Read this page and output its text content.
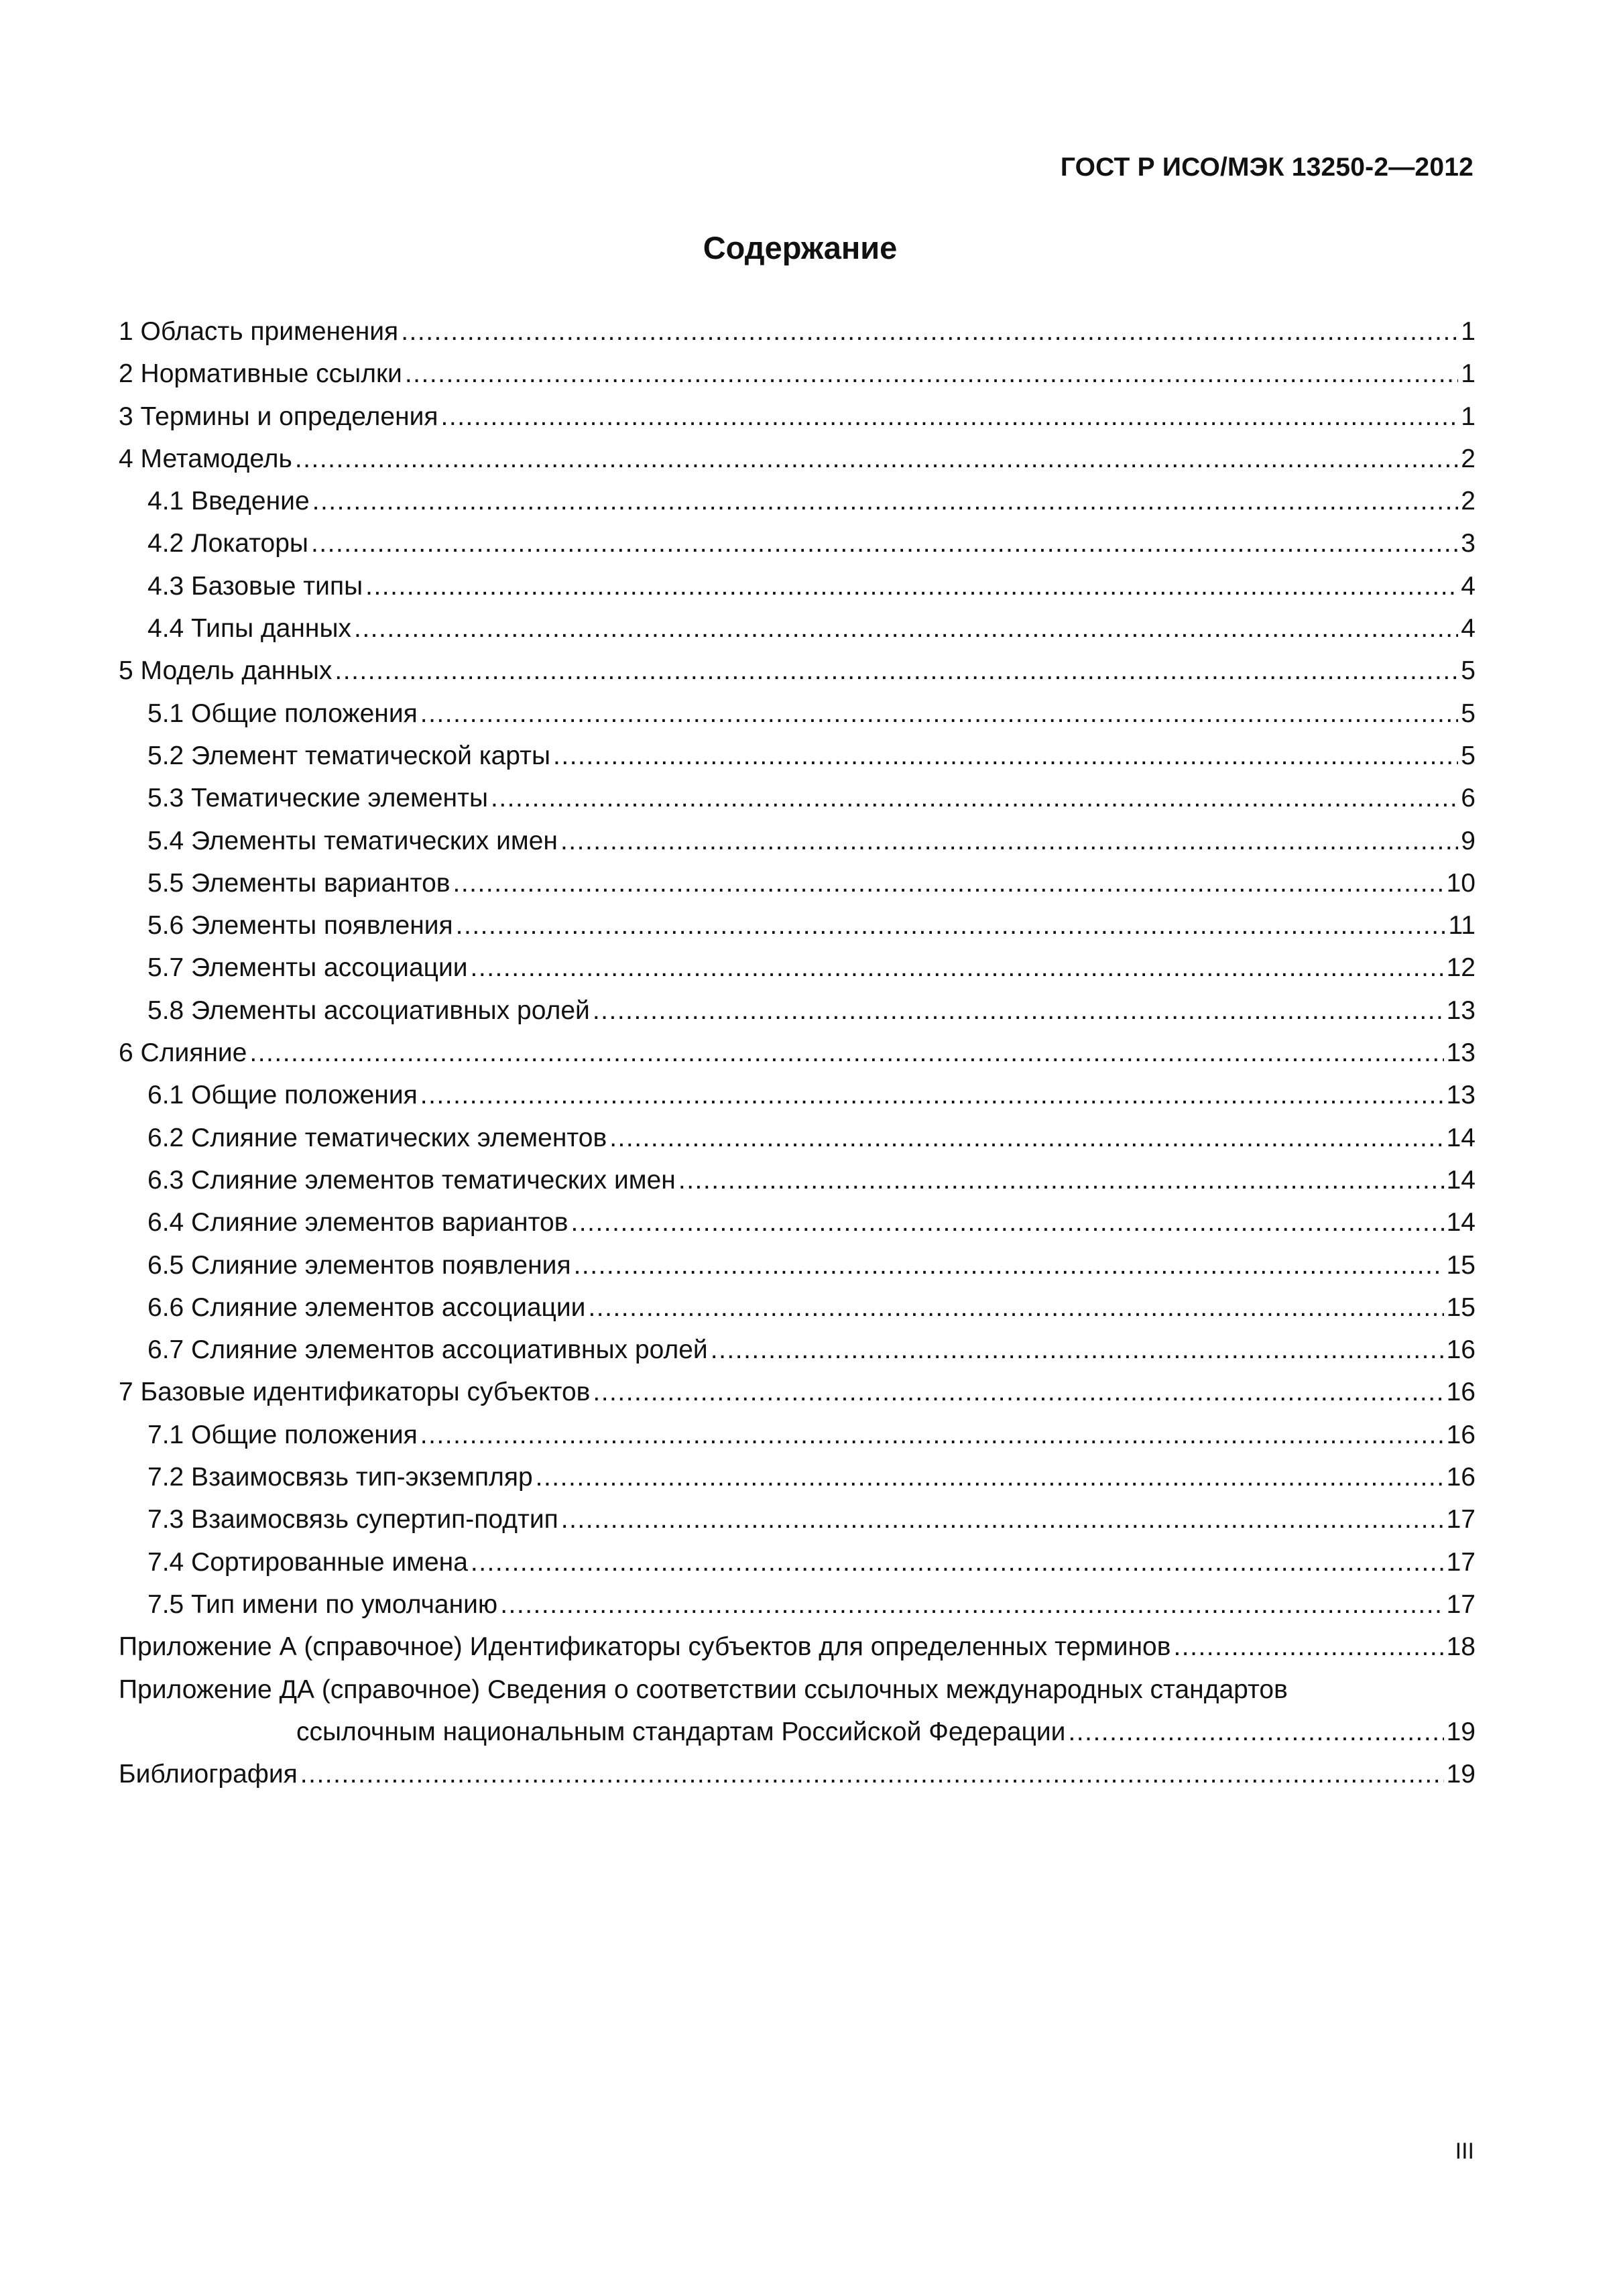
ГОСТ Р ИСО/МЭК 13250-2—2012
Содержание
1 Область применения .....	1
2 Нормативные ссылки .....	1
3 Термины и определения .....	1
4 Метамодель .....	2
4.1 Введение .....	2
4.2 Локаторы .....	3
4.3 Базовые типы .....	4
4.4 Типы данных .....	4
5 Модель данных .....	5
5.1 Общие положения .....	5
5.2 Элемент тематической карты .....	5
5.3 Тематические элементы .....	6
5.4 Элементы тематических имен .....	9
5.5 Элементы вариантов .....	10
5.6 Элементы появления .....	11
5.7 Элементы ассоциации .....	12
5.8 Элементы ассоциативных ролей .....	13
6 Слияние .....	13
6.1 Общие положения .....	13
6.2 Слияние тематических элементов .....	14
6.3 Слияние элементов тематических имен .....	14
6.4 Слияние элементов вариантов .....	14
6.5 Слияние элементов появления .....	15
6.6 Слияние элементов ассоциации .....	15
6.7 Слияние элементов ассоциативных ролей .....	16
7 Базовые идентификаторы субъектов .....	16
7.1 Общие положения .....	16
7.2 Взаимосвязь тип-экземпляр .....	16
7.3 Взаимосвязь супертип-подтип .....	17
7.4 Сортированные имена .....	17
7.5 Тип имени по умолчанию .....	17
Приложение А (справочное) Идентификаторы субъектов для определенных терминов .....	18
Приложение ДА (справочное) Сведения о соответствии ссылочных международных стандартов
ссылочным национальным стандартам Российской Федерации .....	19
Библиография .....	19
III
